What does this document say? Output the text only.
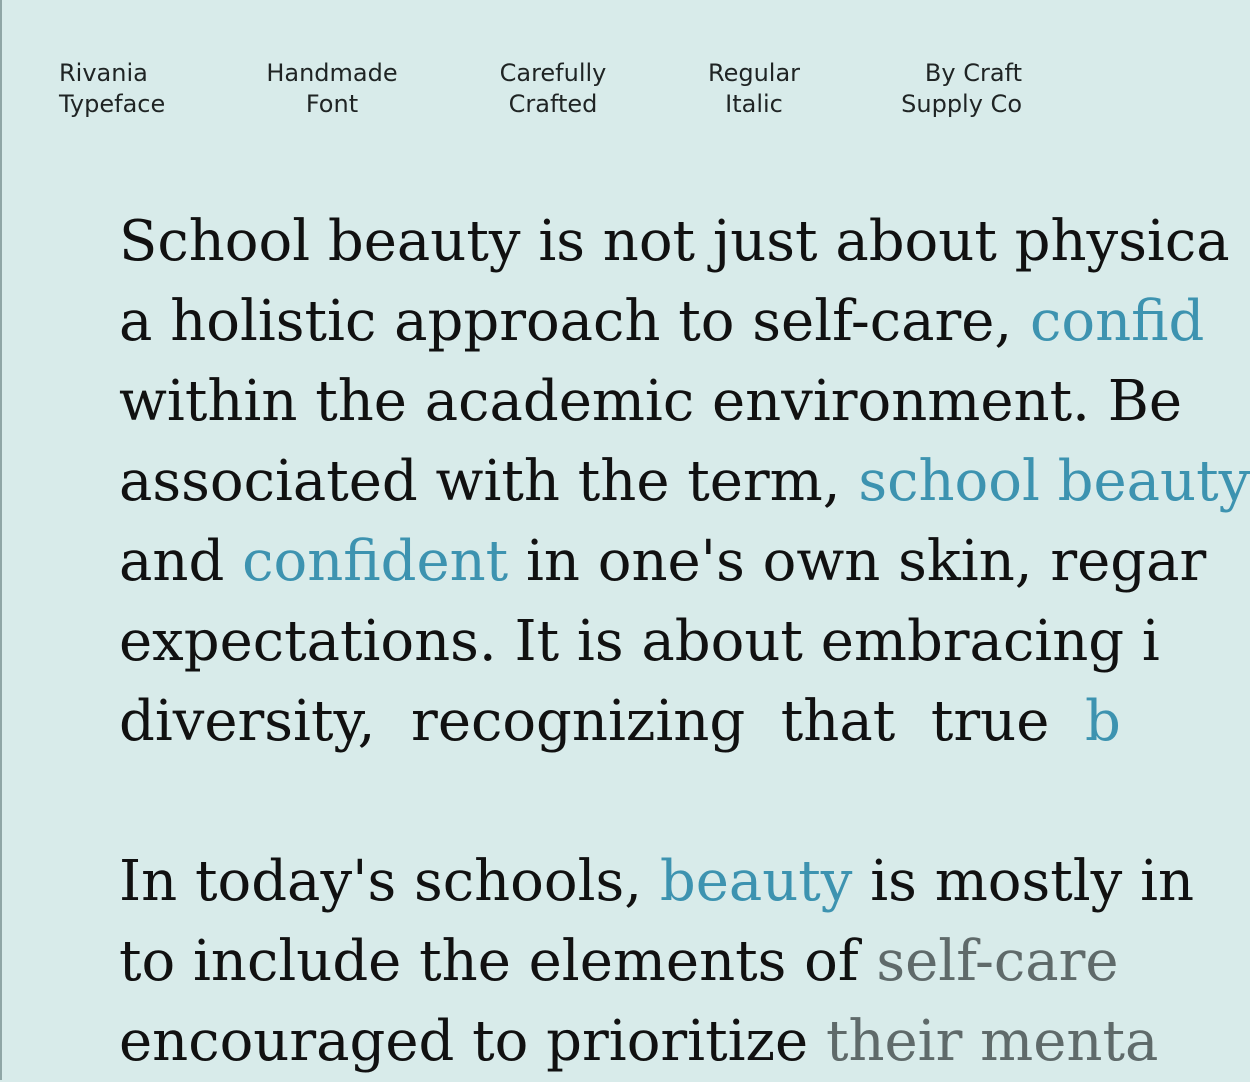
Rivania
Typeface
Handmade
Font
Carefully
Crafted
Regular
Italic
By Craft
Supply Co
School beauty is not just about physica
a holistic approach to self-care, confid
within the academic environment. Be
associated with the term, school beauty
and confident in one's own skin, regar
expectations. It is about embracing i
diversity,  recognizing  that  true  b
In today's schools, beauty is mostly in
to include the elements of self-care
encouraged to prioritize their menta
